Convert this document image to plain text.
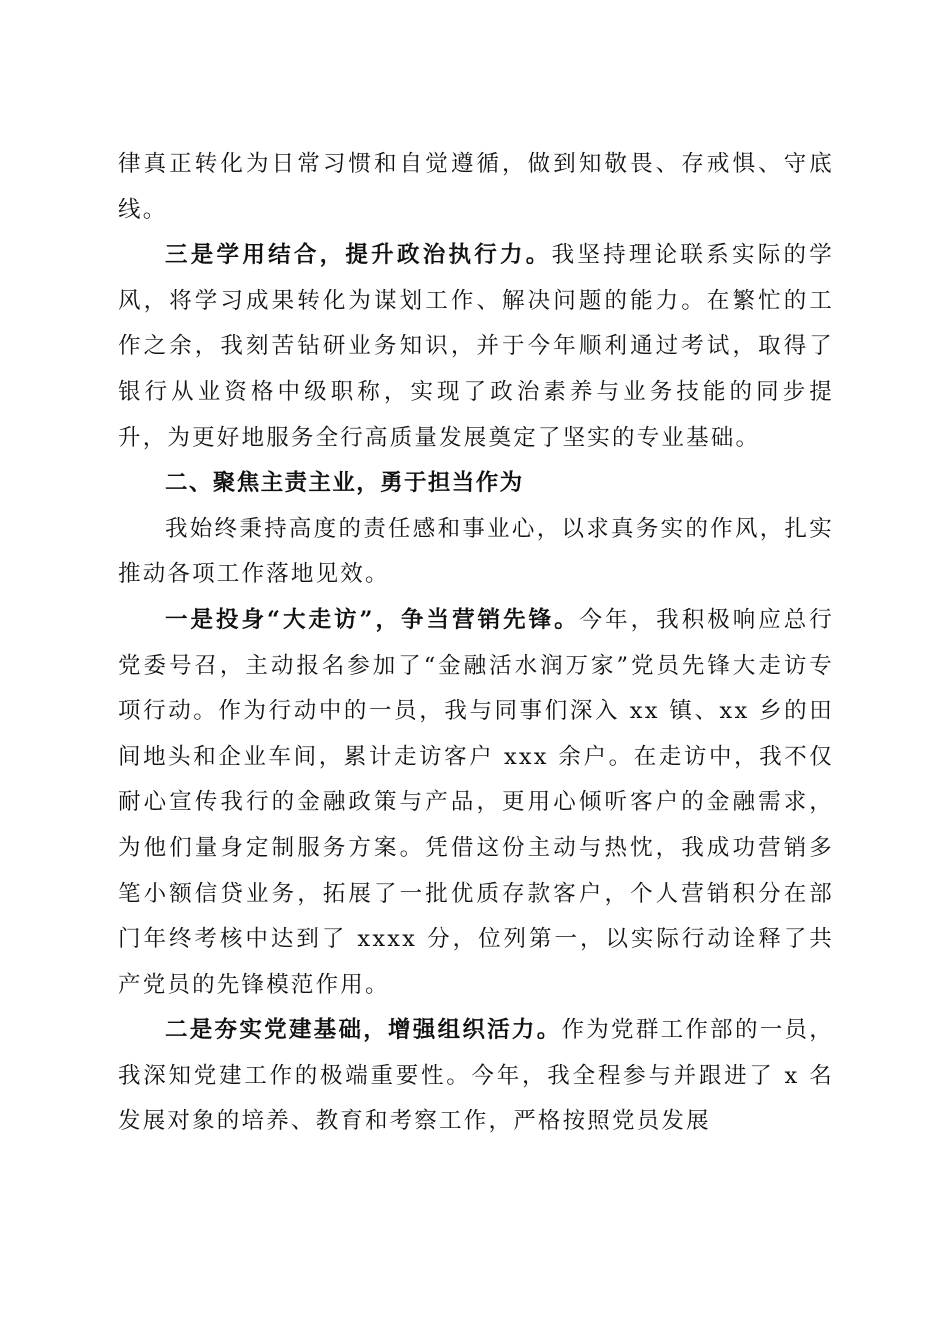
律真正转化为日常习惯和自觉遵循，做到知敬畏、存戒惧、守底线。

三是学用结合，提升政治执行力。我坚持理论联系实际的学风，将学习成果转化为谋划工作、解决问题的能力。在繁忙的工作之余，我刻苦钻研业务知识，并于今年顺利通过考试，取得了银行从业资格中级职称，实现了政治素养与业务技能的同步提升，为更好地服务全行高质量发展奠定了坚实的专业基础。

二、聚焦主责主业，勇于担当作为

我始终秉持高度的责任感和事业心，以求真务实的作风，扎实推动各项工作落地见效。

一是投身“大走访”，争当营销先锋。今年，我积极响应总行党委号召，主动报名参加了“金融活水润万家”党员先锋大走访专项行动。作为行动中的一员，我与同事们深入 xx 镇、xx 乡的田间地头和企业车间，累计走访客户 xxx 余户。在走访中，我不仅耐心宣传我行的金融政策与产品，更用心倾听客户的金融需求，为他们量身定制服务方案。凭借这份主动与热忱，我成功营销多笔小额信贷业务，拓展了一批优质存款客户，个人营销积分在部门年终考核中达到了 xxxx 分，位列第一，以实际行动诠释了共产党员的先锋模范作用。

二是夯实党建基础，增强组织活力。作为党群工作部的一员，我深知党建工作的极端重要性。今年，我全程参与并跟进了 x 名发展对象的培养、教育和考察工作，严格按照党员发展
